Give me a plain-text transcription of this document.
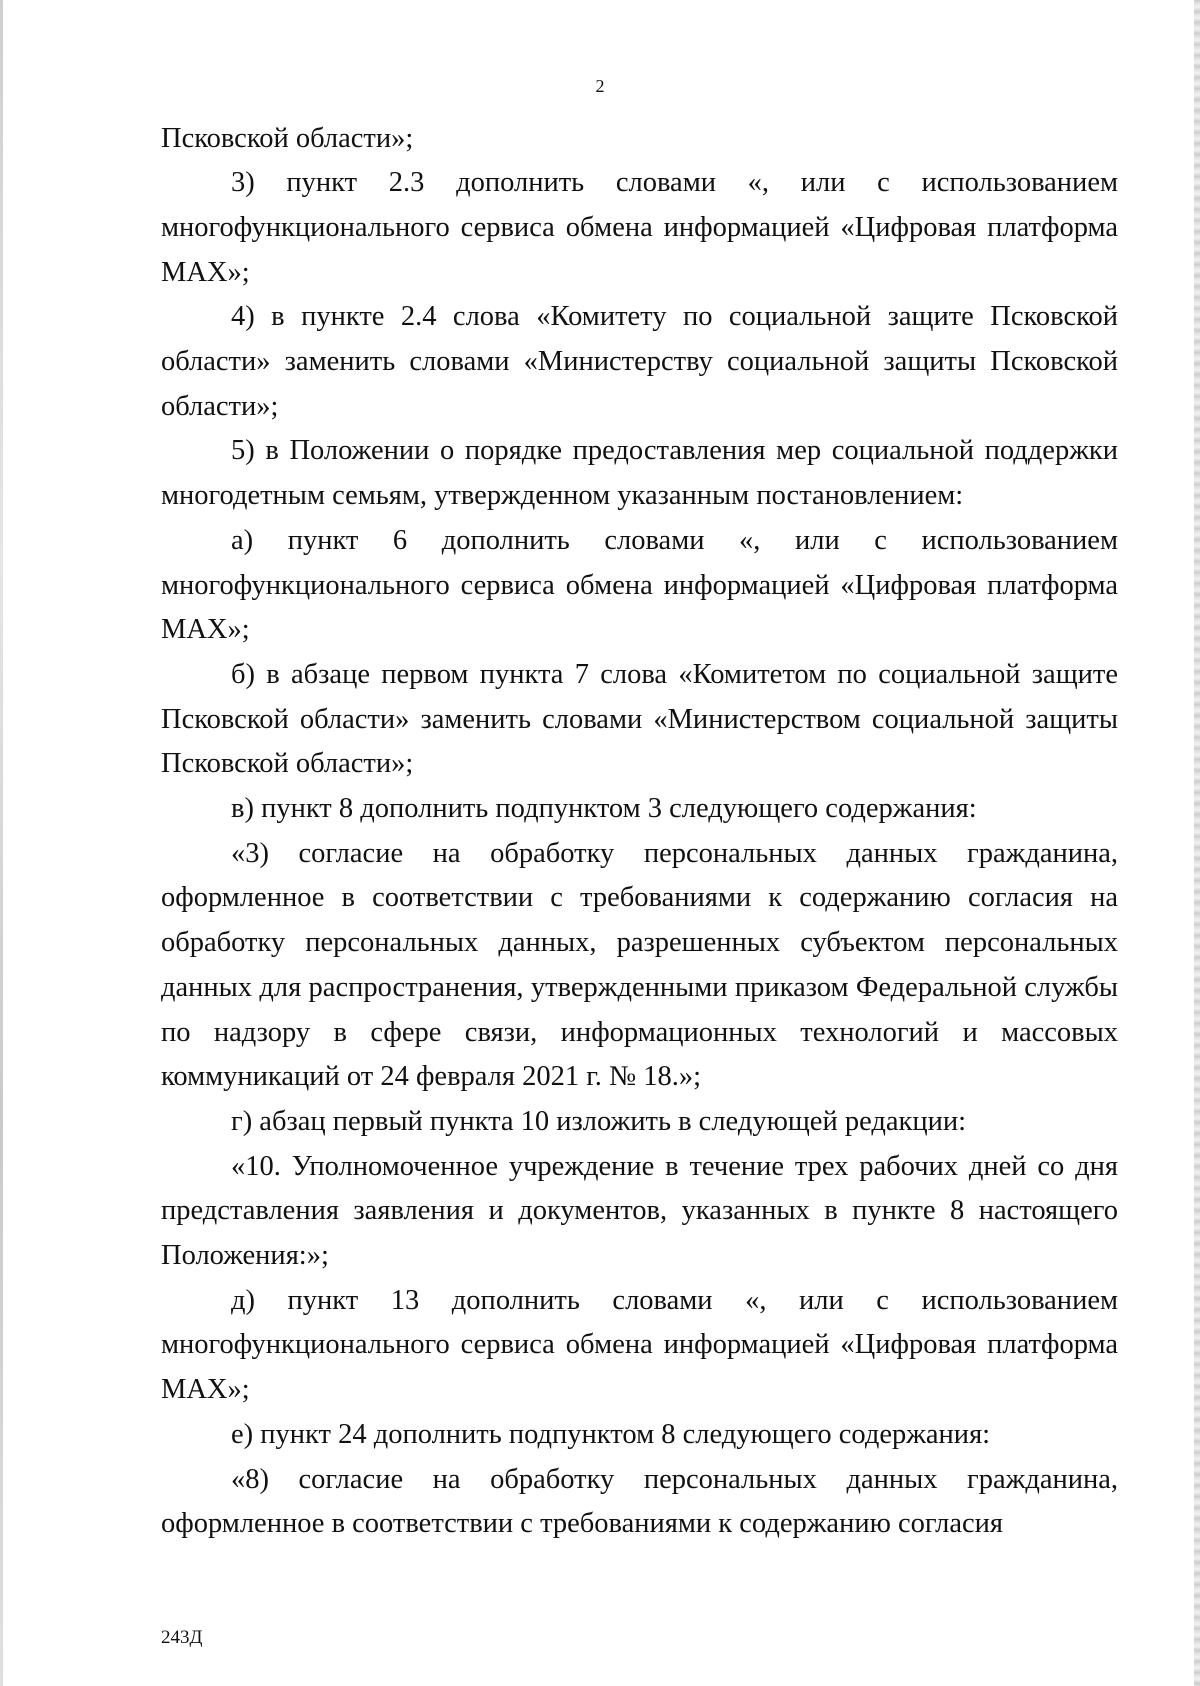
2

Псковской области»;

3) пункт 2.3 дополнить словами «, или с использованием многофункционального сервиса обмена информацией «Цифровая платформа MAX»;

4) в пункте 2.4 слова «Комитету по социальной защите Псковской области» заменить словами «Министерству социальной защиты Псковской области»;

5) в Положении о порядке предоставления мер социальной поддержки многодетным семьям, утвержденном указанным постановлением:

а) пункт 6 дополнить словами «, или с использованием многофункционального сервиса обмена информацией «Цифровая платформа MAX»;

б) в абзаце первом пункта 7 слова «Комитетом по социальной защите Псковской области» заменить словами «Министерством социальной защиты Псковской области»;

в) пункт 8 дополнить подпунктом 3 следующего содержания:

«3) согласие на обработку персональных данных гражданина, оформленное в соответствии с требованиями к содержанию согласия на обработку персональных данных, разрешенных субъектом персональных данных для распространения, утвержденными приказом Федеральной службы по надзору в сфере связи, информационных технологий и массовых коммуникаций от 24 февраля 2021 г. № 18.»;

г) абзац первый пункта 10 изложить в следующей редакции:

«10. Уполномоченное учреждение в течение трех рабочих дней со дня представления заявления и документов, указанных в пункте 8 настоящего Положения:»;

д) пункт 13 дополнить словами «, или с использованием многофункционального сервиса обмена информацией «Цифровая платформа MAX»;

е) пункт 24 дополнить подпунктом 8 следующего содержания:

«8) согласие на обработку персональных данных гражданина, оформленное в соответствии с требованиями к содержанию согласия

243Д
